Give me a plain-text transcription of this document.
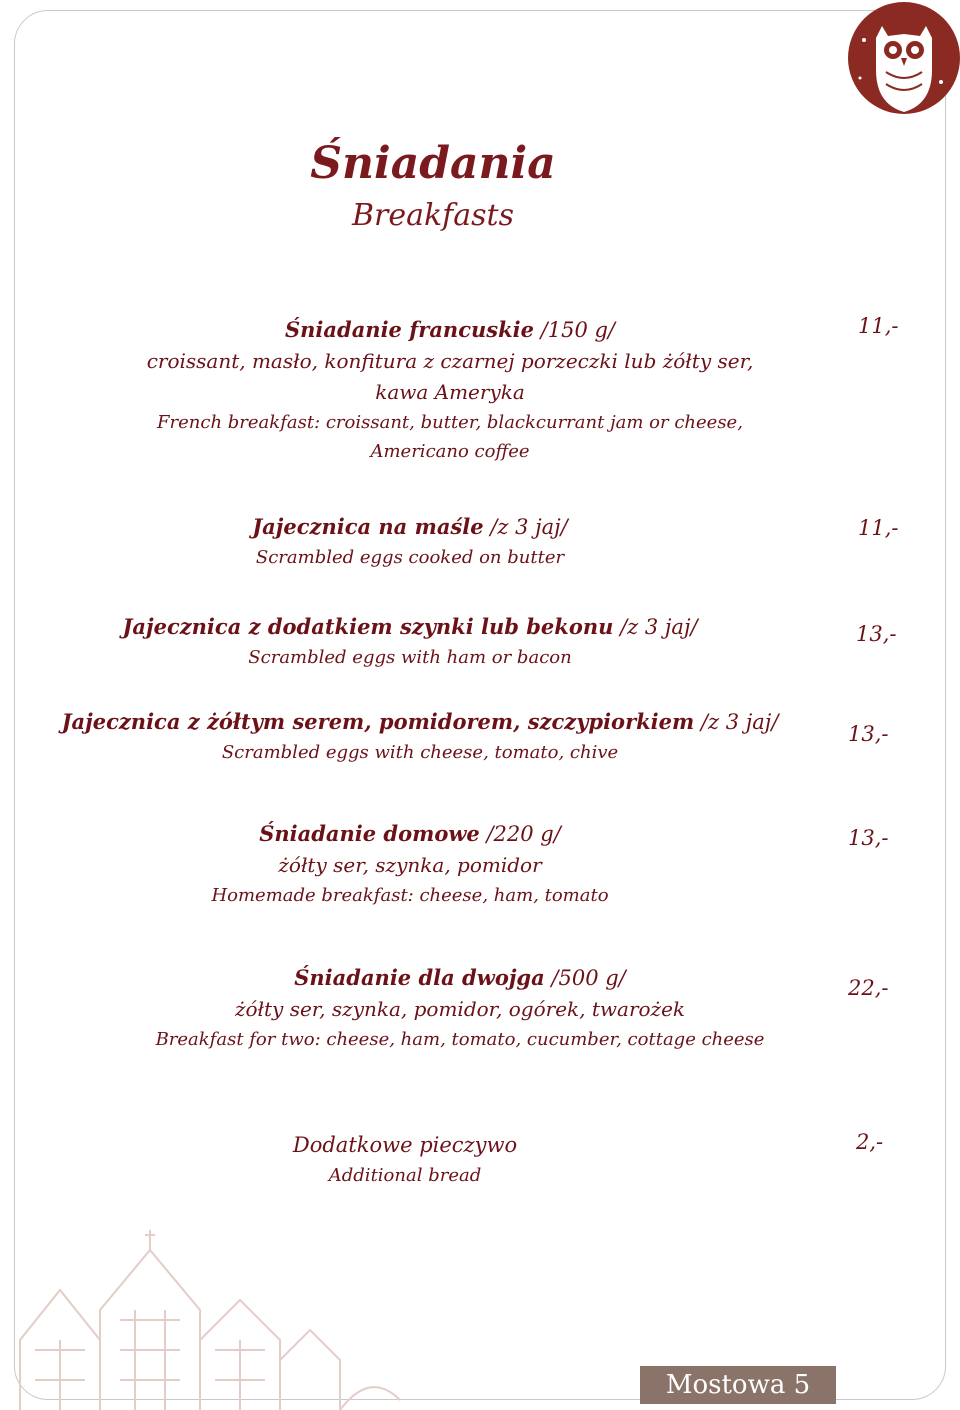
Śniadania
Breakfasts
Śniadanie francuskie /150 g/
croissant, masło, konfitura z czarnej porzeczki lub żółty ser,
kawa Ameryka
French breakfast: croissant, butter, blackcurrant jam or cheese,
Americano coffee
11,-
Jajecznica na maśle /z 3 jaj/
Scrambled eggs cooked on butter
11,-
Jajecznica z dodatkiem szynki lub bekonu /z 3 jaj/
Scrambled eggs with ham or bacon
13,-
Jajecznica z żółtym serem, pomidorem, szczypiorkiem /z 3 jaj/
Scrambled eggs with cheese, tomato, chive
13,-
Śniadanie domowe /220 g/
żółty ser, szynka, pomidor
Homemade breakfast: cheese, ham, tomato
13,-
Śniadanie dla dwojga /500 g/
żółty ser, szynka, pomidor, ogórek, twarożek
Breakfast for two: cheese, ham, tomato, cucumber, cottage cheese
22,-
Dodatkowe pieczywo
Additional bread
2,-
Mostowa 5
